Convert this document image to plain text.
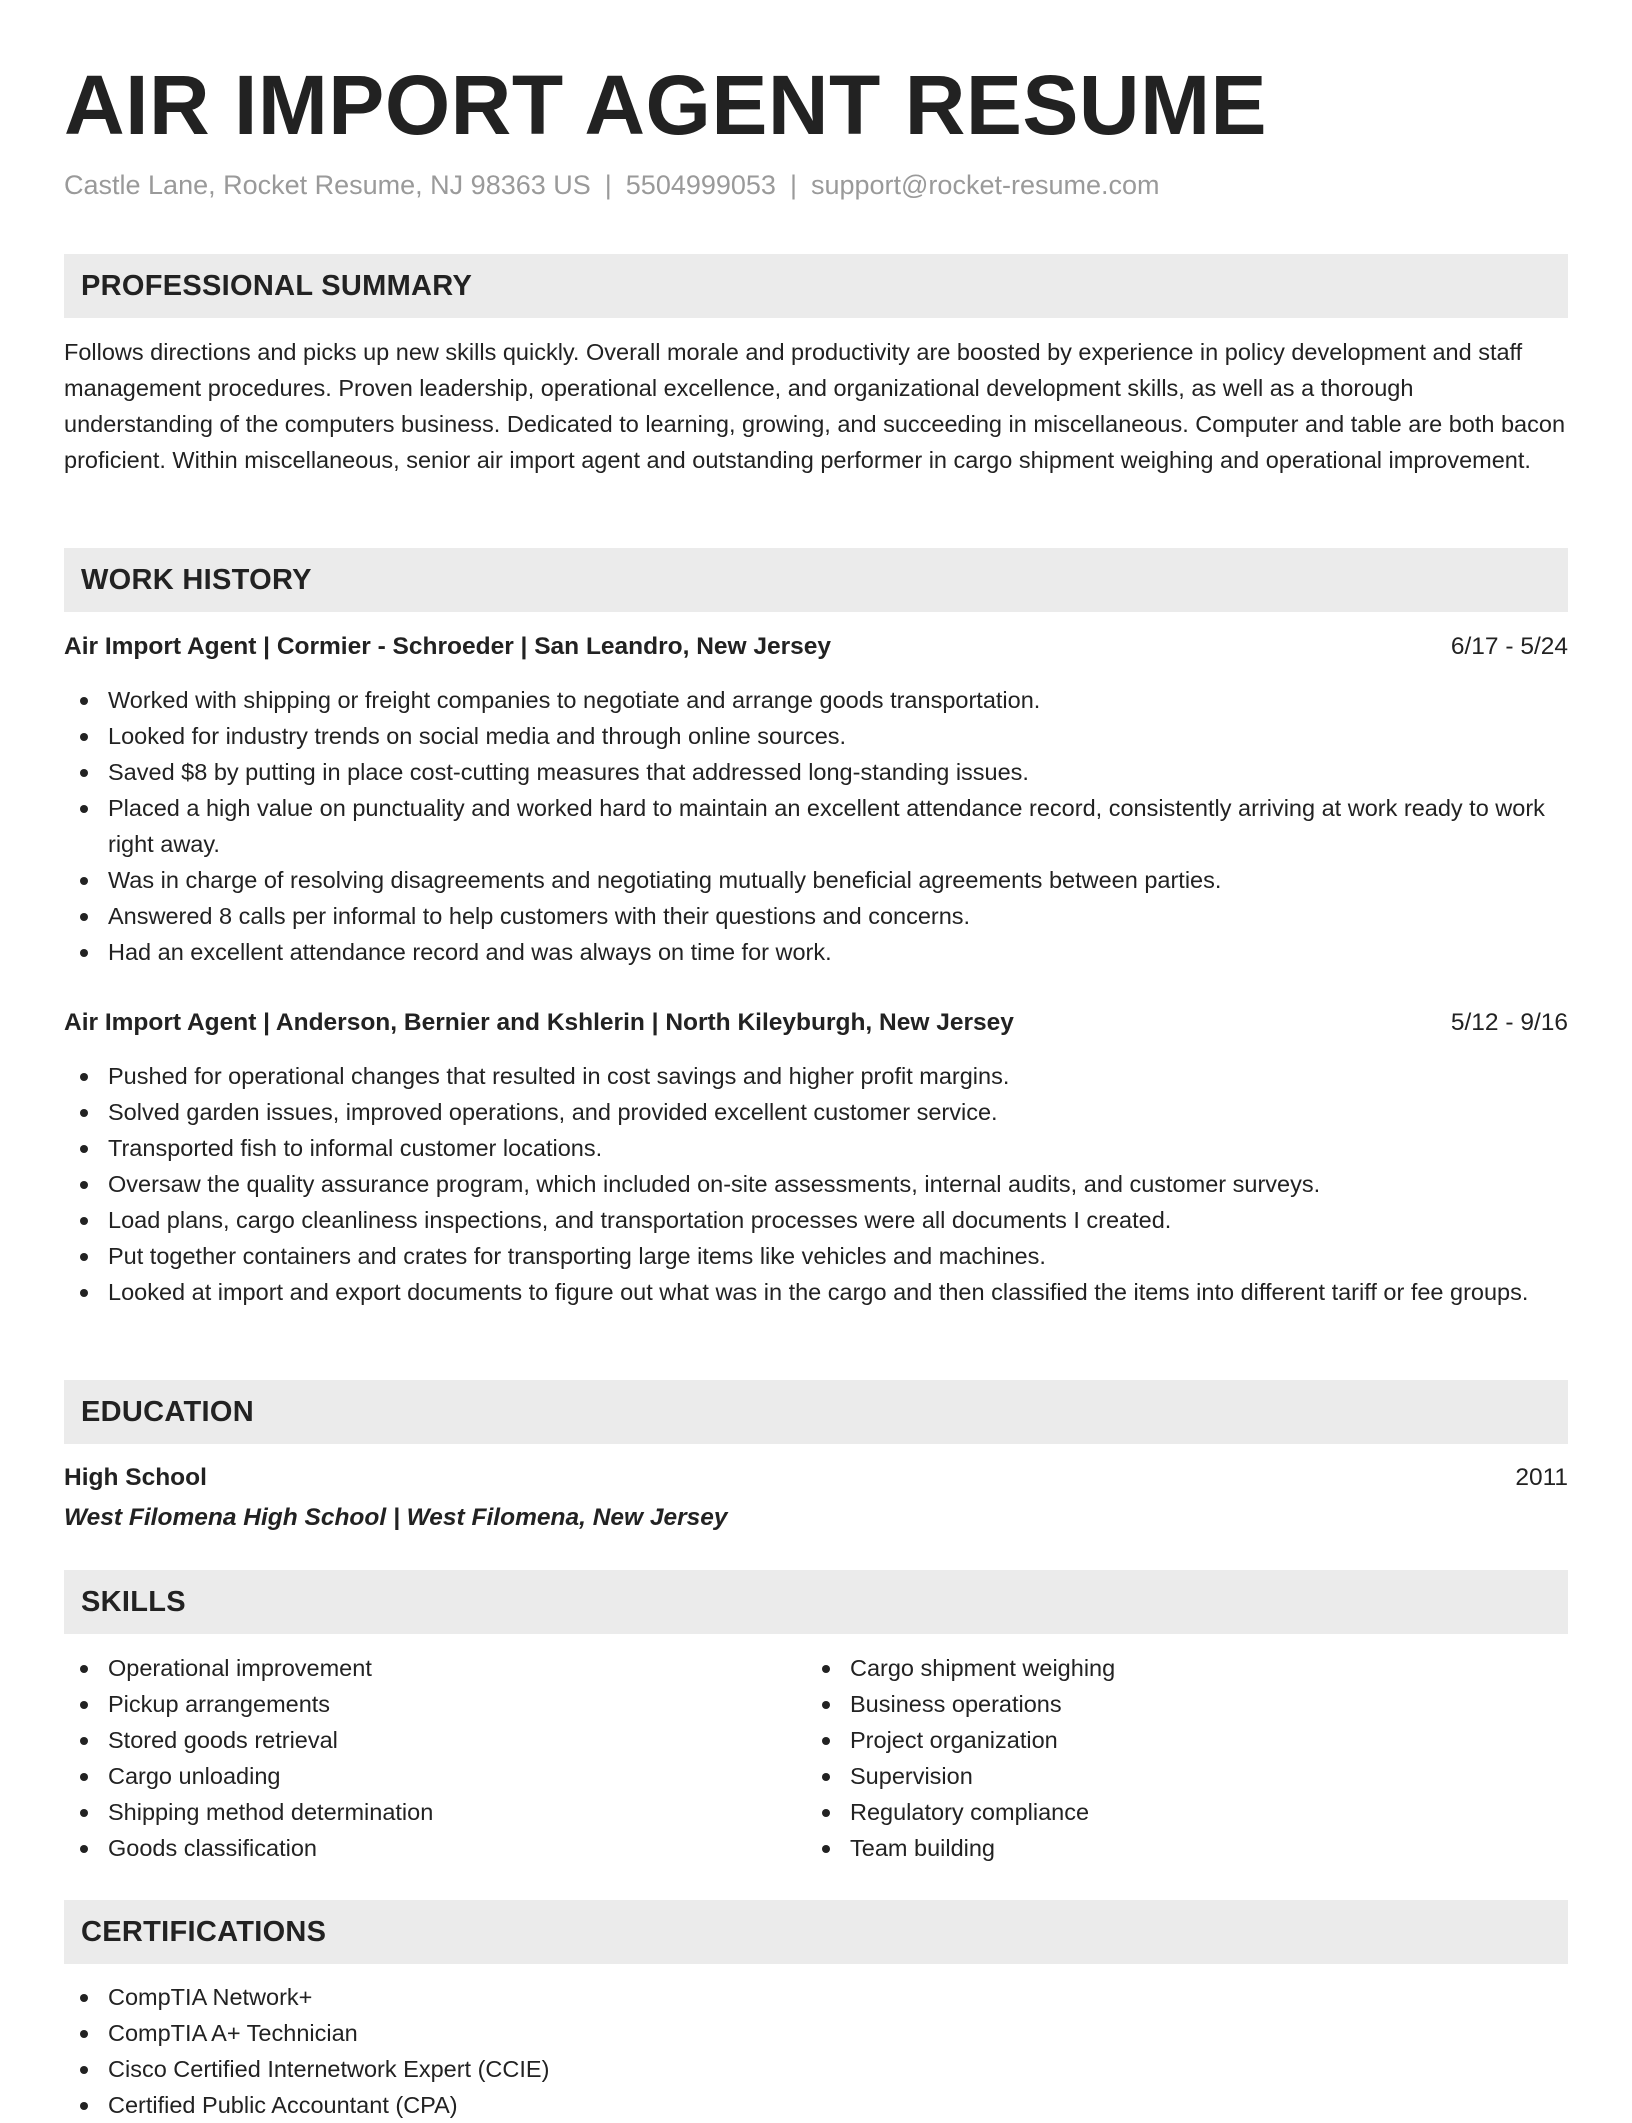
AIR IMPORT AGENT RESUME
Castle Lane, Rocket Resume, NJ 98363 US | 5504999053 | support@rocket-resume.com
PROFESSIONAL SUMMARY

Follows directions and picks up new skills quickly. Overall morale and productivity are boosted by experience in policy development and staff management procedures. Proven leadership, operational excellence, and organizational development skills, as well as a thorough understanding of the computers business. Dedicated to learning, growing, and succeeding in miscellaneous. Computer and table are both bacon proficient. Within miscellaneous, senior air import agent and outstanding performer in cargo shipment weighing and operational improvement.

WORK HISTORY
Air Import Agent | Cormier - Schroeder | San Leandro, New Jersey	6/17 - 5/24
Worked with shipping or freight companies to negotiate and arrange goods transportation.
Looked for industry trends on social media and through online sources.
Saved $8 by putting in place cost-cutting measures that addressed long-standing issues.
Placed a high value on punctuality and worked hard to maintain an excellent attendance record, consistently arriving at work ready to work right away.
Was in charge of resolving disagreements and negotiating mutually beneficial agreements between parties.
Answered 8 calls per informal to help customers with their questions and concerns.
Had an excellent attendance record and was always on time for work.
Air Import Agent | Anderson, Bernier and Kshlerin | North Kileyburgh, New Jersey	5/12 - 9/16
Pushed for operational changes that resulted in cost savings and higher profit margins.
Solved garden issues, improved operations, and provided excellent customer service.
Transported fish to informal customer locations.
Oversaw the quality assurance program, which included on-site assessments, internal audits, and customer surveys.
Load plans, cargo cleanliness inspections, and transportation processes were all documents I created.
Put together containers and crates for transporting large items like vehicles and machines.
Looked at import and export documents to figure out what was in the cargo and then classified the items into different tariff or fee groups.
EDUCATION
High School	2011
West Filomena High School | West Filomena, New Jersey
SKILLS
Operational improvement
Pickup arrangements
Stored goods retrieval
Cargo unloading
Shipping method determination
Goods classification
Cargo shipment weighing
Business operations
Project organization
Supervision
Regulatory compliance
Team building
CERTIFICATIONS
CompTIA Network+
CompTIA A+ Technician
Cisco Certified Internetwork Expert (CCIE)
Certified Public Accountant (CPA)
